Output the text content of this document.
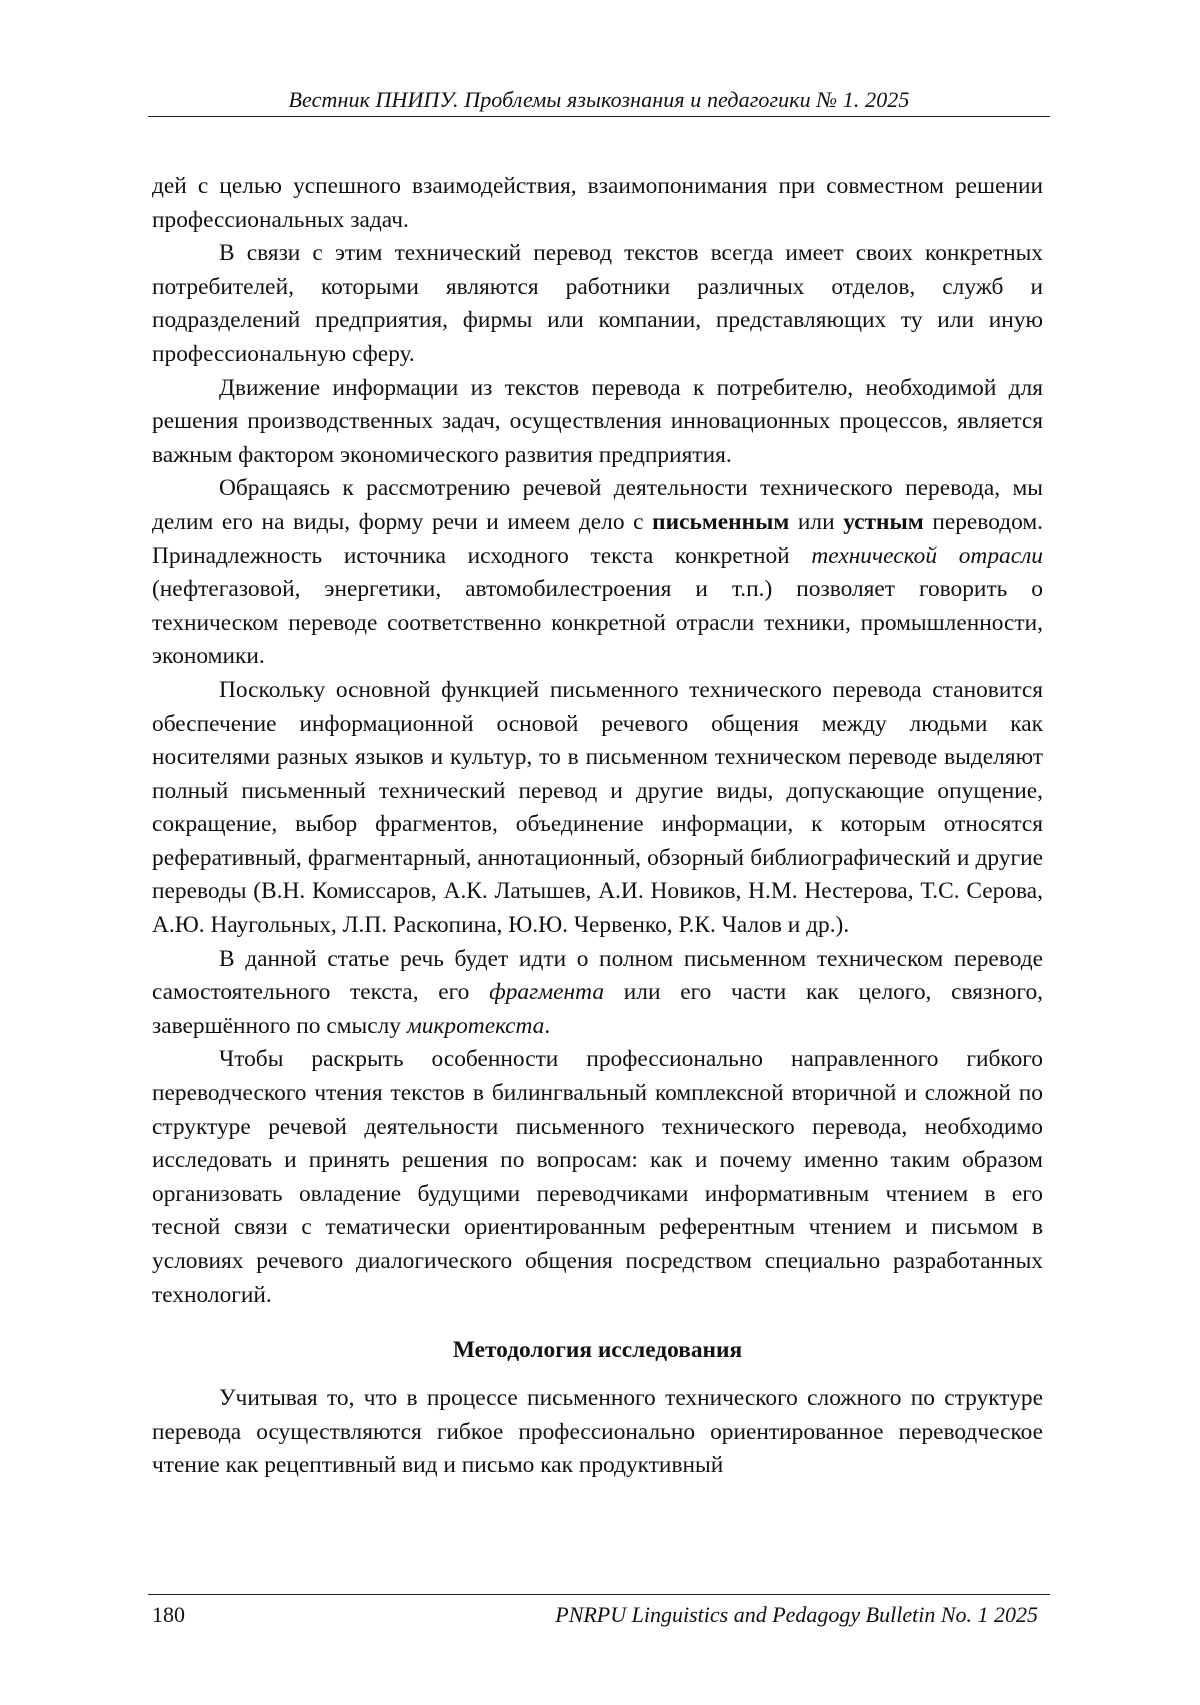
Вестник ПНИПУ. Проблемы языкознания и педагогики № 1. 2025

дей с целью успешного взаимодействия, взаимопонимания при совместном решении профессиональных задач.

В связи с этим технический перевод текстов всегда имеет своих конкретных потребителей, которыми являются работники различных отделов, служб и подразделений предприятия, фирмы или компании, представляющих ту или иную профессиональную сферу.

Движение информации из текстов перевода к потребителю, необходимой для решения производственных задач, осуществления инновационных процессов, является важным фактором экономического развития предприятия.

Обращаясь к рассмотрению речевой деятельности технического перевода, мы делим его на виды, форму речи и имеем дело с письменным или устным переводом. Принадлежность источника исходного текста конкретной технической отрасли (нефтегазовой, энергетики, автомобилестроения и т.п.) позволяет говорить о техническом переводе соответственно конкретной отрасли техники, промышленности, экономики.

Поскольку основной функцией письменного технического перевода становится обеспечение информационной основой речевого общения между людьми как носителями разных языков и культур, то в письменном техническом переводе выделяют полный письменный технический перевод и другие виды, допускающие опущение, сокращение, выбор фрагментов, объединение информации, к которым относятся реферативный, фрагментарный, аннотационный, обзорный библиографический и другие переводы (В.Н. Комиссаров, А.К. Латышев, А.И. Новиков, Н.М. Нестерова, Т.С. Серова, А.Ю. Наугольных, Л.П. Раскопина, Ю.Ю. Червенко, Р.К. Чалов и др.).

В данной статье речь будет идти о полном письменном техническом переводе самостоятельного текста, его фрагмента или его части как целого, связного, завершённого по смыслу микротекста.

Чтобы раскрыть особенности профессионально направленного гибкого переводческого чтения текстов в билингвальный комплексной вторичной и сложной по структуре речевой деятельности письменного технического перевода, необходимо исследовать и принять решения по вопросам: как и почему именно таким образом организовать овладение будущими переводчиками информативным чтением в его тесной связи с тематически ориентированным референтным чтением и письмом в условиях речевого диалогического общения посредством специально разработанных технологий.

Методология исследования

Учитывая то, что в процессе письменного технического сложного по структуре перевода осуществляются гибкое профессионально ориентированное переводческое чтение как рецептивный вид и письмо как продуктивный

180	PNRPU Linguistics and Pedagogy Bulletin No. 1 2025
